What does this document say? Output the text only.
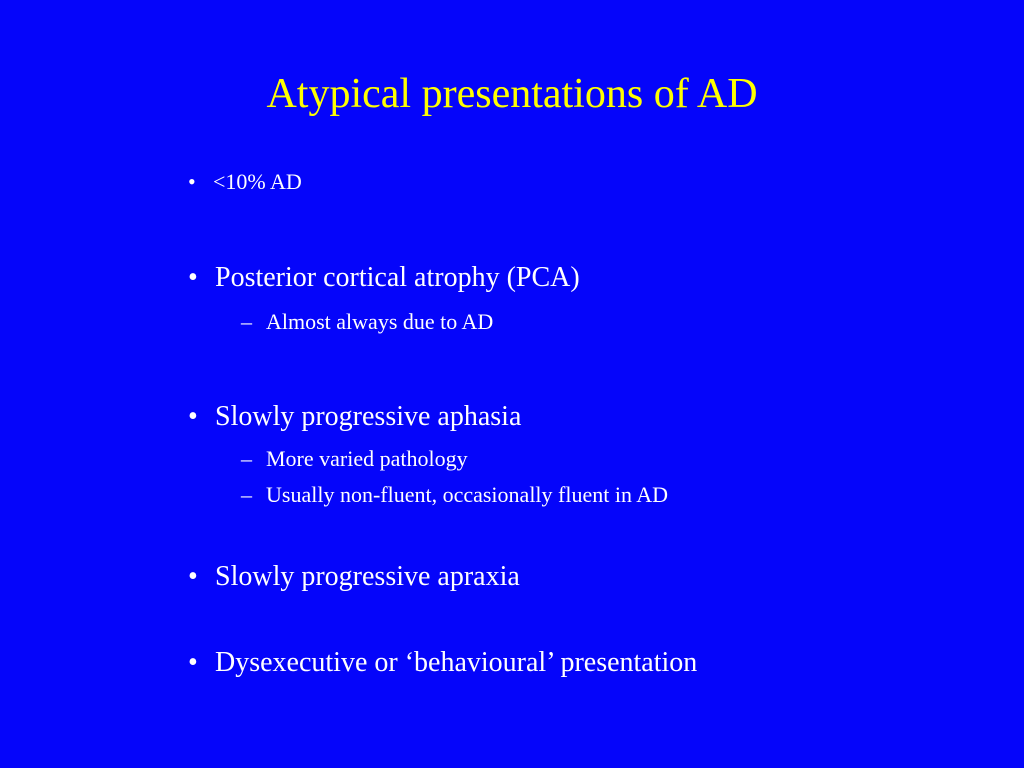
Atypical presentations of AD
• <10% AD
• Posterior cortical atrophy (PCA)
– Almost always due to AD
• Slowly progressive aphasia
– More varied pathology
– Usually non-fluent, occasionally fluent in AD
• Slowly progressive apraxia
• Dysexecutive or ‘behavioural’ presentation
